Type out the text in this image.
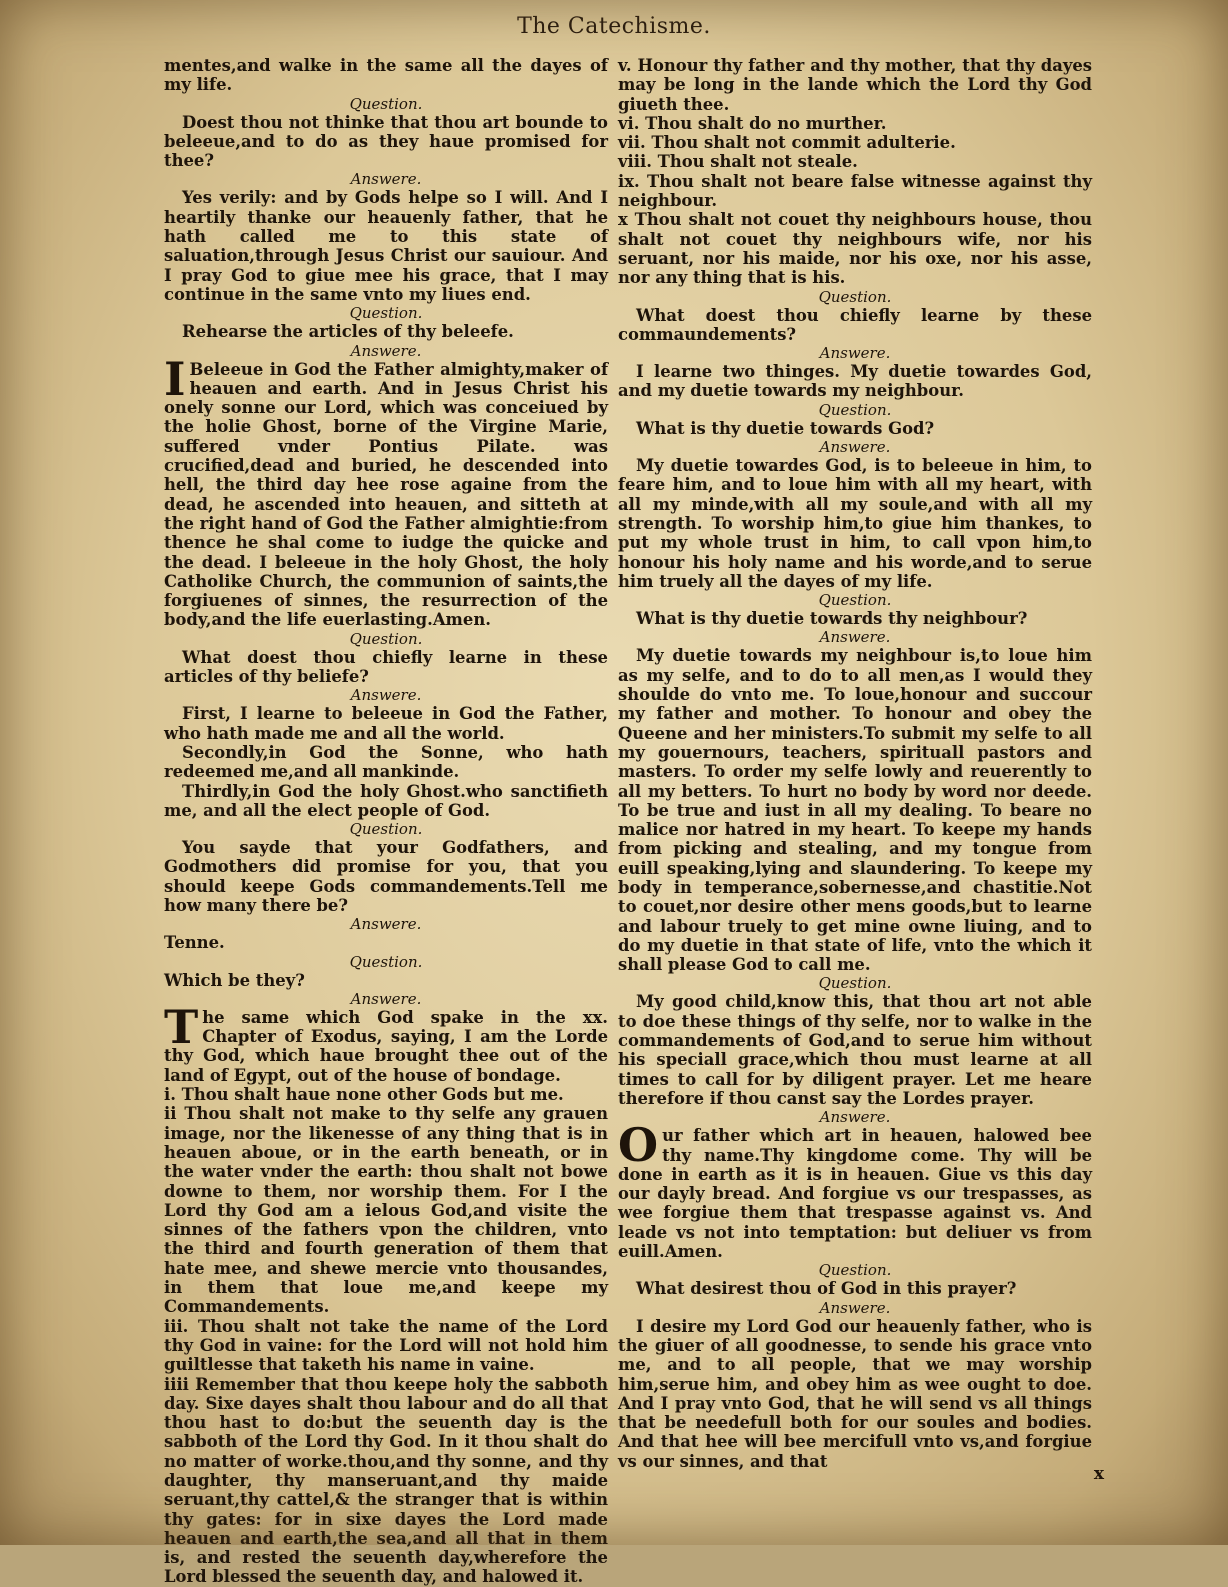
The Catechisme.
mentes,and walke in the same all the dayes of my life.
Question.
Doest thou not thinke that thou art bounde to beleeue,and to do as they haue promised for thee?
Answere.
Yes verily: and by Gods helpe so I will. And I heartily thanke our heauenly father, that he hath called me to this state of saluation,through Jesus Christ our sauiour. And I pray God to giue mee his grace, that I may continue in the same vnto my liues end.
Question.
Rehearse the articles of thy beleefe.
Answere.
IBeleeue in God the Father almighty,maker of heauen and earth. And in Jesus Christ his onely sonne our Lord, which was conceiued by the holie Ghost, borne of the Virgine Marie, suffered vnder Pontius Pilate. was crucified,dead and buried, he descended into hell, the third day hee rose againe from the dead, he ascended into heauen, and sitteth at the right hand of God the Father almightie:from thence he shal come to iudge the quicke and the dead. I beleeue in the holy Ghost, the holy Catholike Church, the communion of saints,the forgiuenes of sinnes, the resurrection of the body,and the life euerlasting.Amen.
Question.
What doest thou chiefly learne in these articles of thy beliefe?
Answere.
First, I learne to beleeue in God the Father, who hath made me and all the world.
Secondly,in God the Sonne, who hath redeemed me,and all mankinde.
Thirdly,in God the holy Ghost.who sanctifieth me, and all the elect people of God.
Question.
You sayde that your Godfathers, and Godmothers did promise for you, that you should keepe Gods commandements.Tell me how many there be?
Answere.
Tenne.
Question.
Which be they?
Answere.
The same which God spake in the xx. Chapter of Exodus, saying, I am the Lorde thy God, which haue brought thee out of the land of Egypt, out of the house of bondage.
i. Thou shalt haue none other Gods but me.
ii Thou shalt not make to thy selfe any grauen image, nor the likenesse of any thing that is in heauen aboue, or in the earth beneath, or in the water vnder the earth: thou shalt not bowe downe to them, nor worship them. For I the Lord thy God am a ielous God,and visite the sinnes of the fathers vpon the children, vnto the third and fourth generation of them that hate mee, and shewe mercie vnto thousandes, in them that loue me,and keepe my Commandements.
iii. Thou shalt not take the name of the Lord thy God in vaine: for the Lord will not hold him guiltlesse that taketh his name in vaine.
iiii Remember that thou keepe holy the sabboth day. Sixe dayes shalt thou labour and do all that thou hast to do:but the seuenth day is the sabboth of the Lord thy God. In it thou shalt do no matter of worke.thou,and thy sonne, and thy daughter, thy manseruant,and thy maide seruant,thy cattel,& the stranger that is within thy gates: for in sixe dayes the Lord made heauen and earth,the sea,and all that in them is, and rested the seuenth day,wherefore the Lord blessed the seuenth day, and halowed it.
v. Honour thy father and thy mother, that thy dayes may be long in the lande which the Lord thy God giueth thee.
vi. Thou shalt do no murther.
vii. Thou shalt not commit adulterie.
viii. Thou shalt not steale.
ix. Thou shalt not beare false witnesse against thy neighbour.
x Thou shalt not couet thy neighbours house, thou shalt not couet thy neighbours wife, nor his seruant, nor his maide, nor his oxe, nor his asse, nor any thing that is his.
Question.
What doest thou chiefly learne by these commaundements?
Answere.
I learne two thinges. My duetie towardes God, and my duetie towards my neighbour.
Question.
What is thy duetie towards God?
Answere.
My duetie towardes God, is to beleeue in him, to feare him, and to loue him with all my heart, with all my minde,with all my soule,and with all my strength. To worship him,to giue him thankes, to put my whole trust in him, to call vpon him,to honour his holy name and his worde,and to serue him truely all the dayes of my life.
Question.
What is thy duetie towards thy neighbour?
Answere.
My duetie towards my neighbour is,to loue him as my selfe, and to do to all men,as I would they shoulde do vnto me. To loue,honour and succour my father and mother. To honour and obey the Queene and her ministers.To submit my selfe to all my gouernours, teachers, spirituall pastors and masters. To order my selfe lowly and reuerently to all my betters. To hurt no body by word nor deede. To be true and iust in all my dealing. To beare no malice nor hatred in my heart. To keepe my hands from picking and stealing, and my tongue from euill speaking,lying and slaundering. To keepe my body in temperance,sobernesse,and chastitie.Not to couet,nor desire other mens goods,but to learne and labour truely to get mine owne liuing, and to do my duetie in that state of life, vnto the which it shall please God to call me.
Question.
My good child,know this, that thou art not able to doe these things of thy selfe, nor to walke in the commandements of God,and to serue him without his speciall grace,which thou must learne at all times to call for by diligent prayer. Let me heare therefore if thou canst say the Lordes prayer.
Answere.
Our father which art in heauen, halowed bee thy name.Thy kingdome come. Thy will be done in earth as it is in heauen. Giue vs this day our dayly bread. And forgiue vs our trespasses, as wee forgiue them that trespasse against vs. And leade vs not into temptation: but deliuer vs from euill.Amen.
Question.
What desirest thou of God in this prayer?
Answere.
I desire my Lord God our heauenly father, who is the giuer of all goodnesse, to sende his grace vnto me, and to all people, that we may worship him,serue him, and obey him as wee ought to doe. And I pray vnto God, that he will send vs all things that be needefull both for our soules and bodies. And that hee will bee mercifull vnto vs,and forgiue vs our sinnes, and that
x
